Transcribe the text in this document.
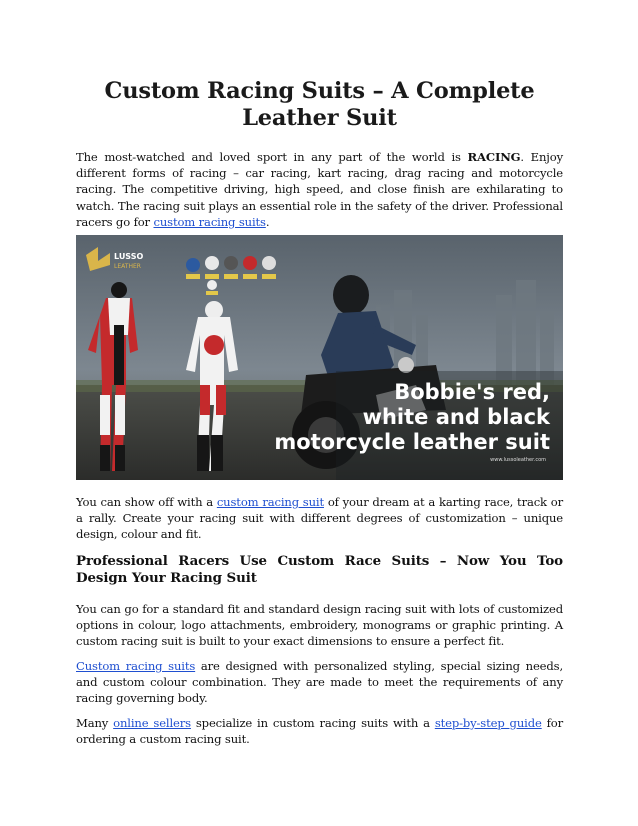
Custom Racing Suits – A Complete Leather Suit

The most-watched and loved sport in any part of the world is RACING. Enjoy different forms of racing – car racing, kart racing, drag racing and motorcycle racing. The competitive driving, high speed, and close finish are exhilarating to watch. The racing suit plays an essential role in the safety of the driver. Professional racers go for custom racing suits.

LUSSO
LEATHER
Bobbie's red,
white and black
motorcycle leather suit
www.lussoleather.com

You can show off with a custom racing suit of your dream at a karting race, track or a rally. Create your racing suit with different degrees of customization – unique design, colour and fit.

Professional Racers Use Custom Race Suits – Now You Too Design Your Racing Suit

You can go for a standard fit and standard design racing suit with lots of customized options in colour, logo attachments, embroidery, monograms or graphic printing. A custom racing suit is built to your exact dimensions to ensure a perfect fit.

Custom racing suits are designed with personalized styling, special sizing needs, and custom colour combination. They are made to meet the requirements of any racing governing body.

Many online sellers specialize in custom racing suits with a step-by-step guide for ordering a custom racing suit.
